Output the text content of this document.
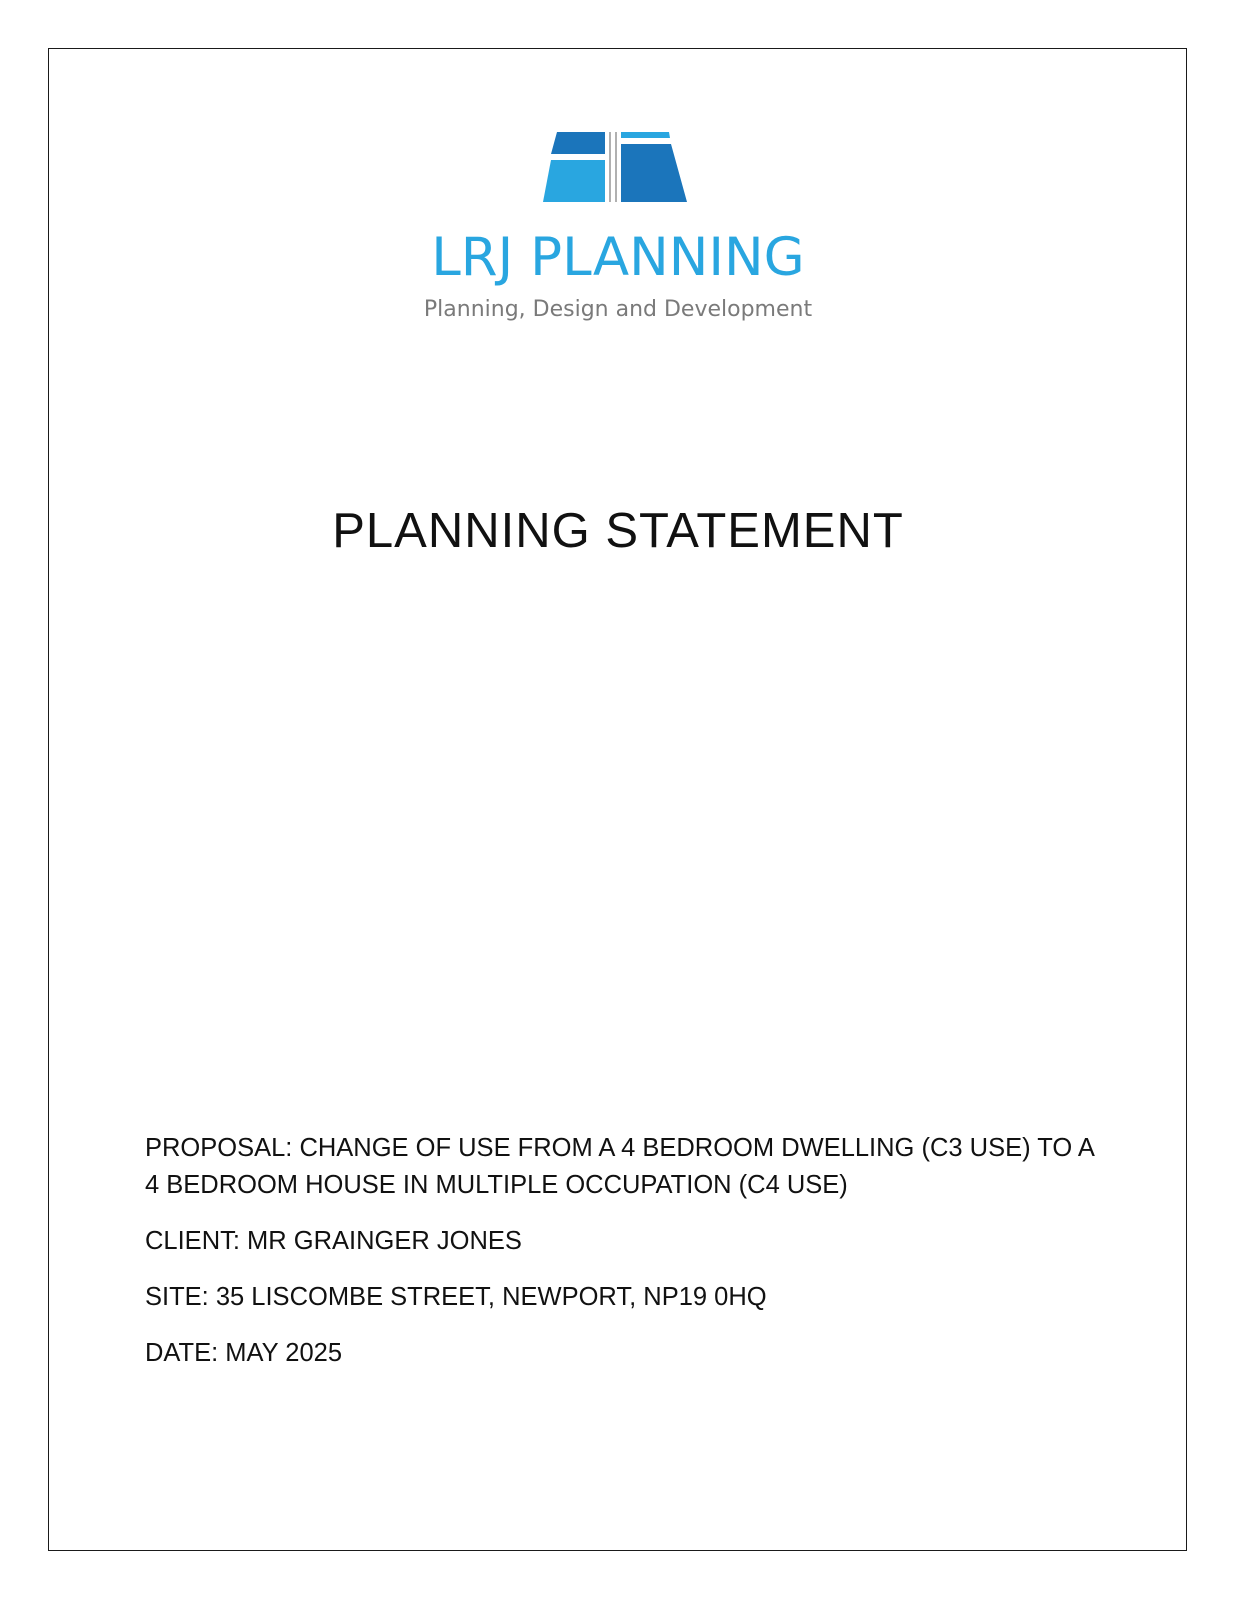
LRJ PLANNING
Planning, Design and Development
PLANNING STATEMENT

PROPOSAL: CHANGE OF USE FROM A 4 BEDROOM DWELLING (C3 USE) TO A 4 BEDROOM HOUSE IN MULTIPLE OCCUPATION (C4 USE)

CLIENT: MR GRAINGER JONES

SITE: 35 LISCOMBE STREET, NEWPORT, NP19 0HQ

DATE: MAY 2025
